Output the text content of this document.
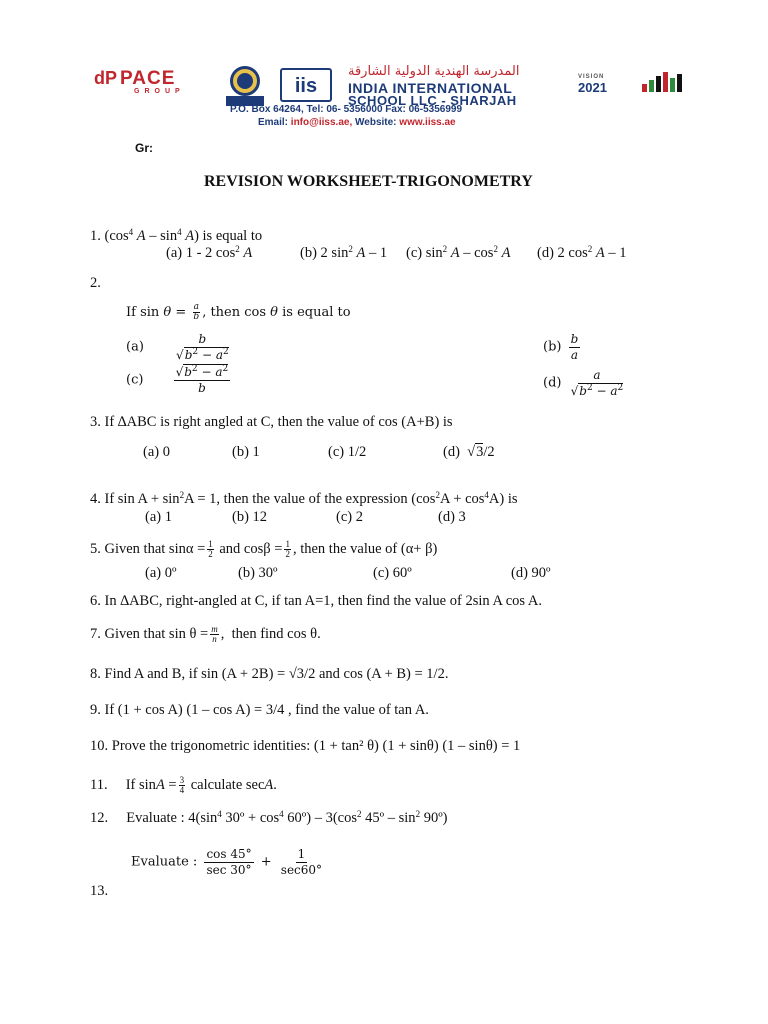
dP PACE
GROUP	iis
المدرسة الهندية الدولية الشارقة
INDIA INTERNATIONAL
SCHOOL LLC - SHARJAH
P.O. Box 64264, Tel: 06- 5356000 Fax: 06-5356999
Email: info@iiss.ae, Website: www.iiss.ae
VISION
2021
Gr:
REVISION WORKSHEET-TRIGONOMETRY
1. ($\cos^4$ A – $\sin^4 A$) is equal to
(a) 1 - 2 $\cos^2 A$	(b) 2 $\sin^2 A - 1$ (c) $\sin^2 A - \cos^2 A$ (d) 2 $\cos^2 A - 1$
2.
If $\sin \theta = \frac{a}{b}$ , then cos θ is equal to
(a)	$\frac{b}{√b^2 - a^2}$	$(b) \frac{b}{a}$
(c)	$\frac{√b^2 - a^2}{b}$	$(d) \frac{a}{√b^2 - a^2}$
3. If ∆ABC is right angled at C, then the value of cos (A+B) is
(a) 0	(b) 1	(c) 1/2	(d)  √3/2
4. If $\sin A + \sin^2A = 1$, then the value of the expression $(\cos^2A + \cos^4A)$ is
(a) 1	(b) 12	(c) 2	(d) 3
5. Given that $\sin\alpha = \frac{1}{2}$ and $\cos\beta = \frac{1}{2}$ , then the value of (α+ β)
(a) 0º	(b) 30º	(c) 60º	(d) 90º
6. In ∆ABC, right-angled at C, if tan A=1, then find the value of 2sin A cos A.
7. Given that $\sin \theta = \frac{m}{n}$ ,  then find cos θ.
8. Find A and B, if sin (A + 2B) = √3/2 and cos (A + B) = 1/2.
9. If (1 + cos A) (1 – cos A) = 3/4 , find the value of tan A.
10. Prove the trigonometric identities: (1 + tan² θ) (1 + sinθ) (1 – sinθ) = 1
11.     If $\sin A = \frac{3}{4}$ calculate secA.
12.     Evaluate : $4(\sin^4$ 30º + $\cos^4$ 60º) – $3(\cos^2$ 45º – $\sin^2$ 90º)
Evaluate :
cos 45°
sec 30° +
1
sec60°
13.
